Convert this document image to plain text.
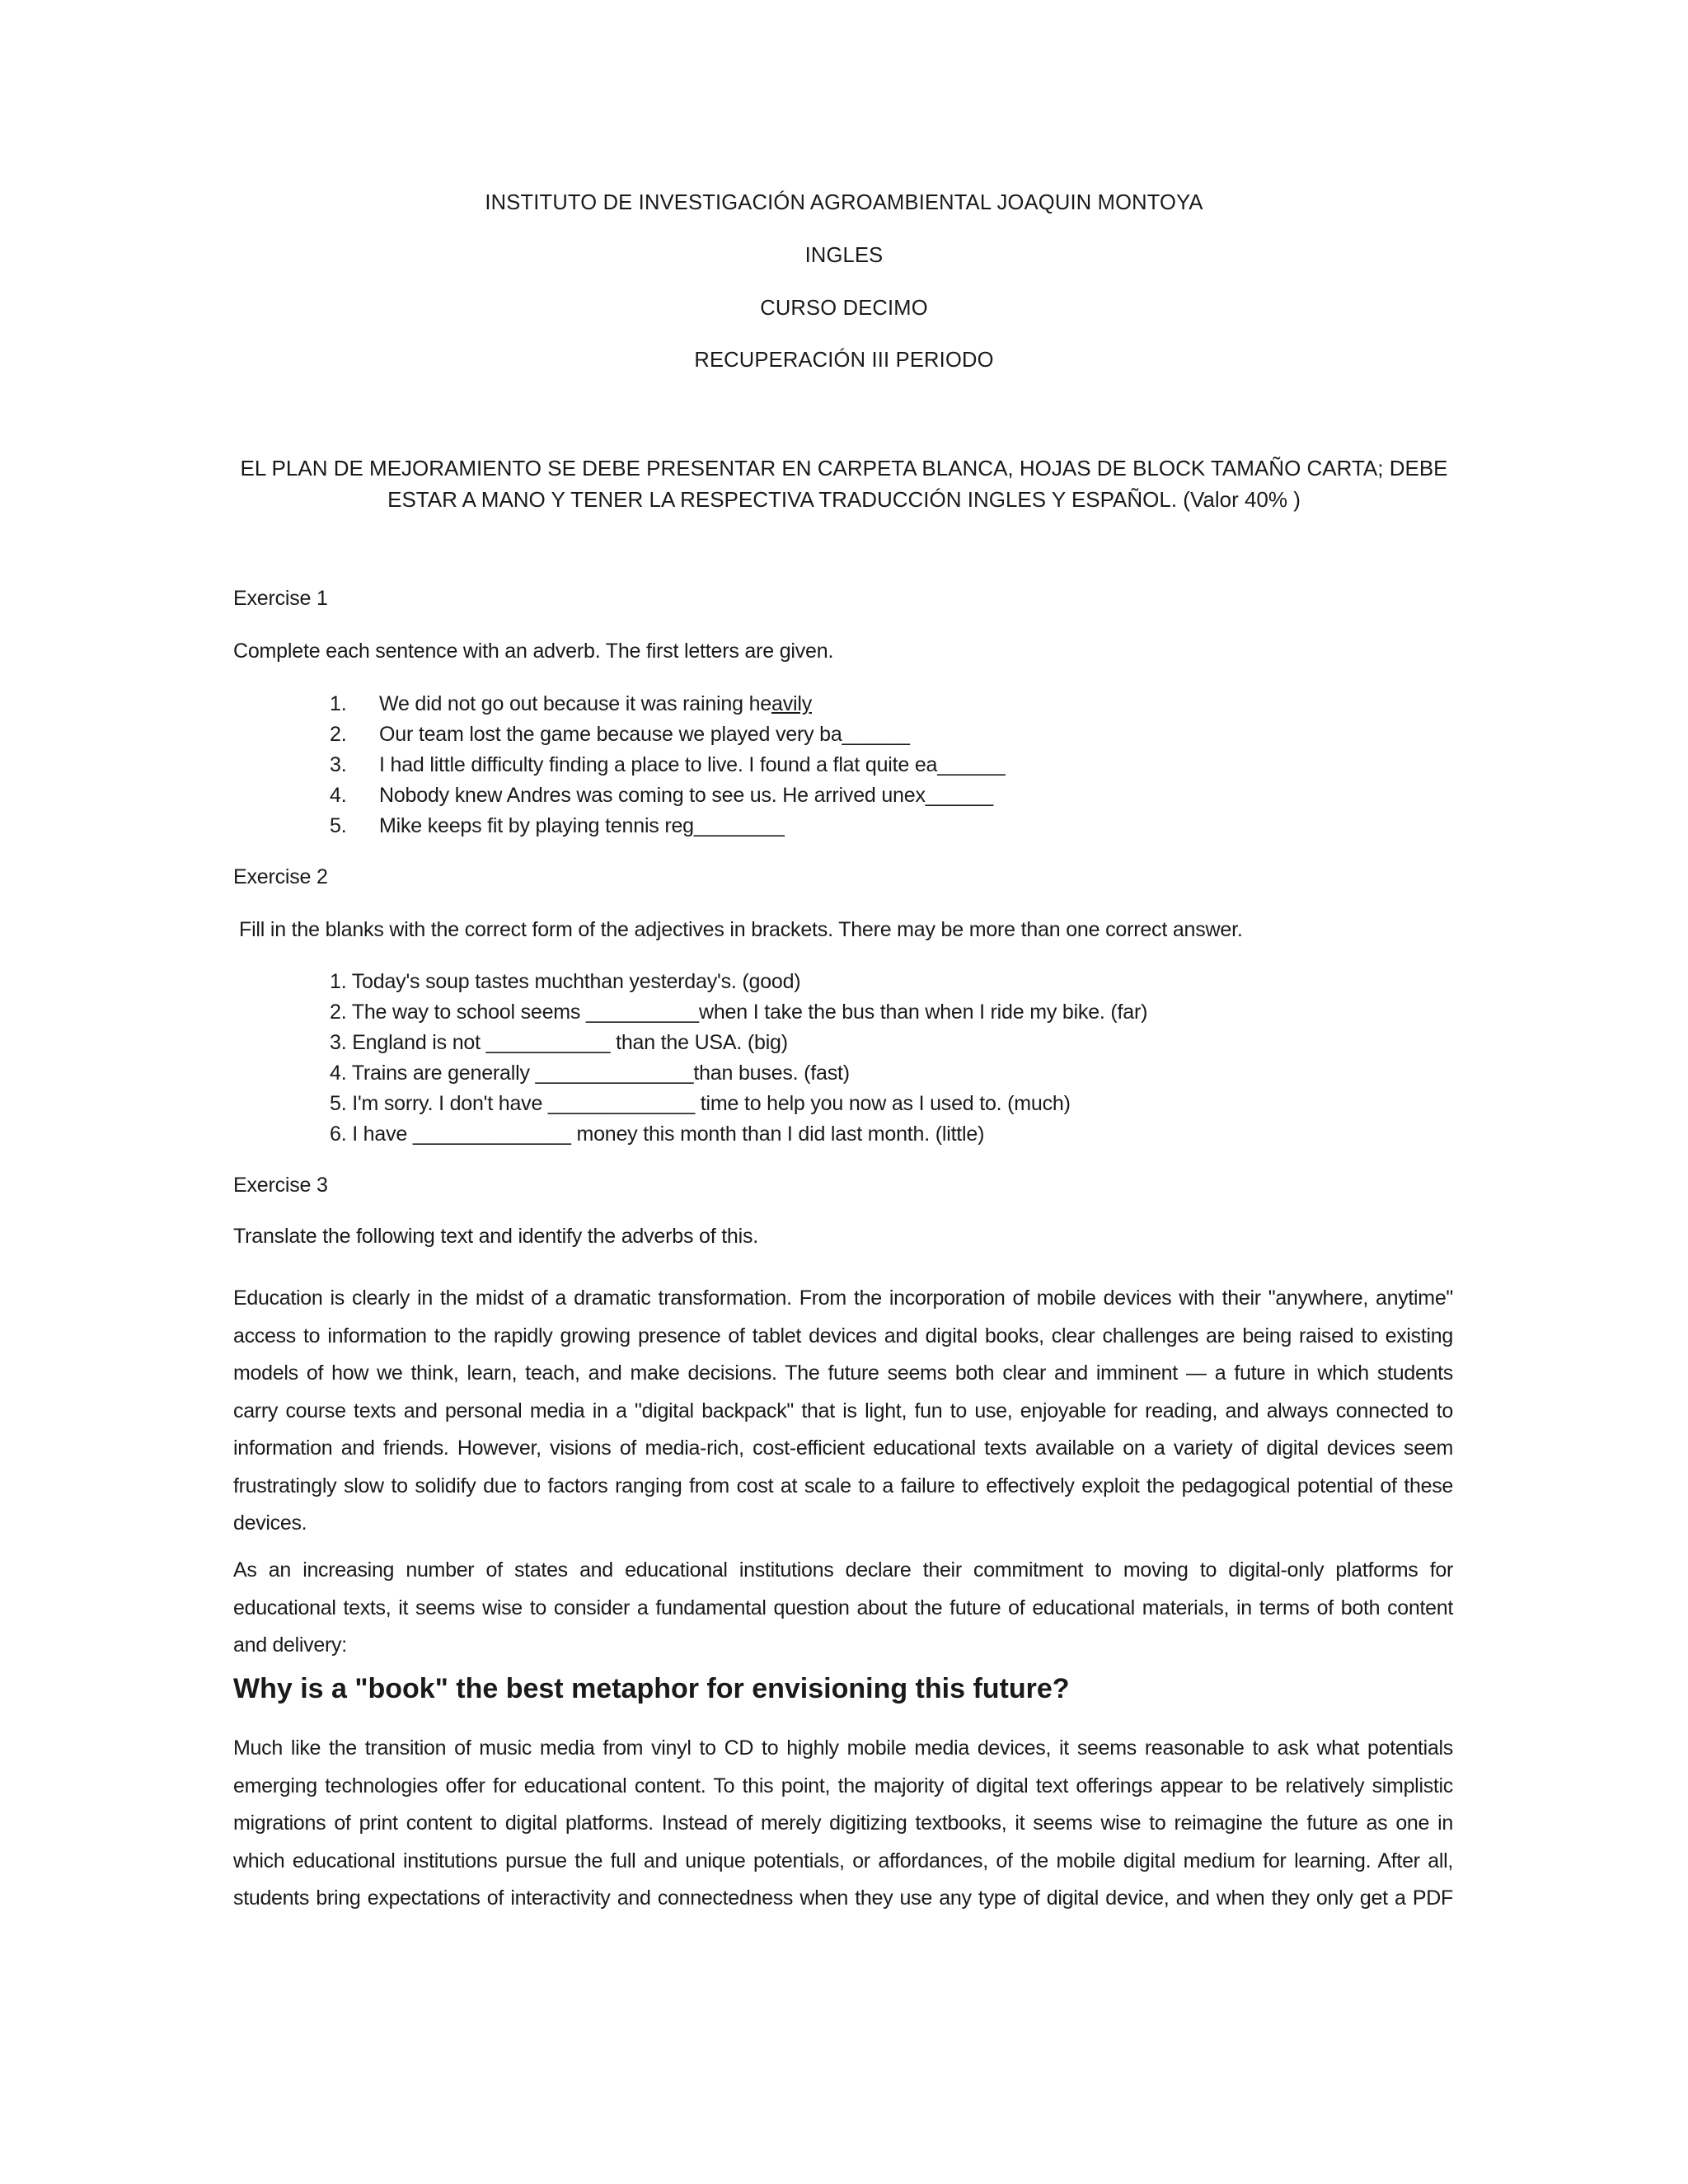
INSTITUTO DE INVESTIGACIÓN AGROAMBIENTAL JOAQUIN MONTOYA
INGLES
CURSO DECIMO
RECUPERACIÓN III PERIODO
EL PLAN DE MEJORAMIENTO SE DEBE PRESENTAR EN CARPETA BLANCA, HOJAS DE BLOCK TAMAÑO CARTA; DEBE
ESTAR A MANO Y TENER LA RESPECTIVA TRADUCCIÓN INGLES Y ESPAÑOL. (Valor 40% )
Exercise 1
Complete each sentence with an adverb. The first letters are given.
1. We did not go out because it was raining heavily
2. Our team lost the game because we played very ba______
3. I had little difficulty finding a place to live. I found a flat quite ea______
4. Nobody knew Andres was coming to see us. He arrived unex______
5. Mike keeps fit by playing tennis reg________
Exercise 2
Fill in the blanks with the correct form of the adjectives in brackets. There may be more than one correct answer.
1. Today's soup tastes muchthan yesterday's. (good)
2. The way to school seems __________when I take the bus than when I ride my bike. (far)
3. England is not ___________ than the USA. (big)
4. Trains are generally ______________than buses. (fast)
5. I'm sorry. I don't have _____________ time to help you now as I used to. (much)
6. I have ______________ money this month than I did last month. (little)
Exercise 3
Translate the following text and identify the adverbs of this.
Education is clearly in the midst of a dramatic transformation. From the incorporation of mobile devices with their "anywhere, anytime"
access to information to the rapidly growing presence of tablet devices and digital books, clear challenges are being raised to existing
models of how we think, learn, teach, and make decisions. The future seems both clear and imminent — a future in which students
carry course texts and personal media in a "digital backpack" that is light, fun to use, enjoyable for reading, and always connected to
information and friends. However, visions of media-rich, cost-efficient educational texts available on a variety of digital devices seem
frustratingly slow to solidify due to factors ranging from cost at scale to a failure to effectively exploit the pedagogical potential of these
devices.
As an increasing number of states and educational institutions declare their commitment to moving to digital-only platforms for
educational texts, it seems wise to consider a fundamental question about the future of educational materials, in terms of both content
and delivery:
Why is a "book" the best metaphor for envisioning this future?
Much like the transition of music media from vinyl to CD to highly mobile media devices, it seems reasonable to ask what potentials
emerging technologies offer for educational content. To this point, the majority of digital text offerings appear to be relatively simplistic
migrations of print content to digital platforms. Instead of merely digitizing textbooks, it seems wise to reimagine the future as one in
which educational institutions pursue the full and unique potentials, or affordances, of the mobile digital medium for learning. After all,
students bring expectations of interactivity and connectedness when they use any type of digital device, and when they only get a PDF
